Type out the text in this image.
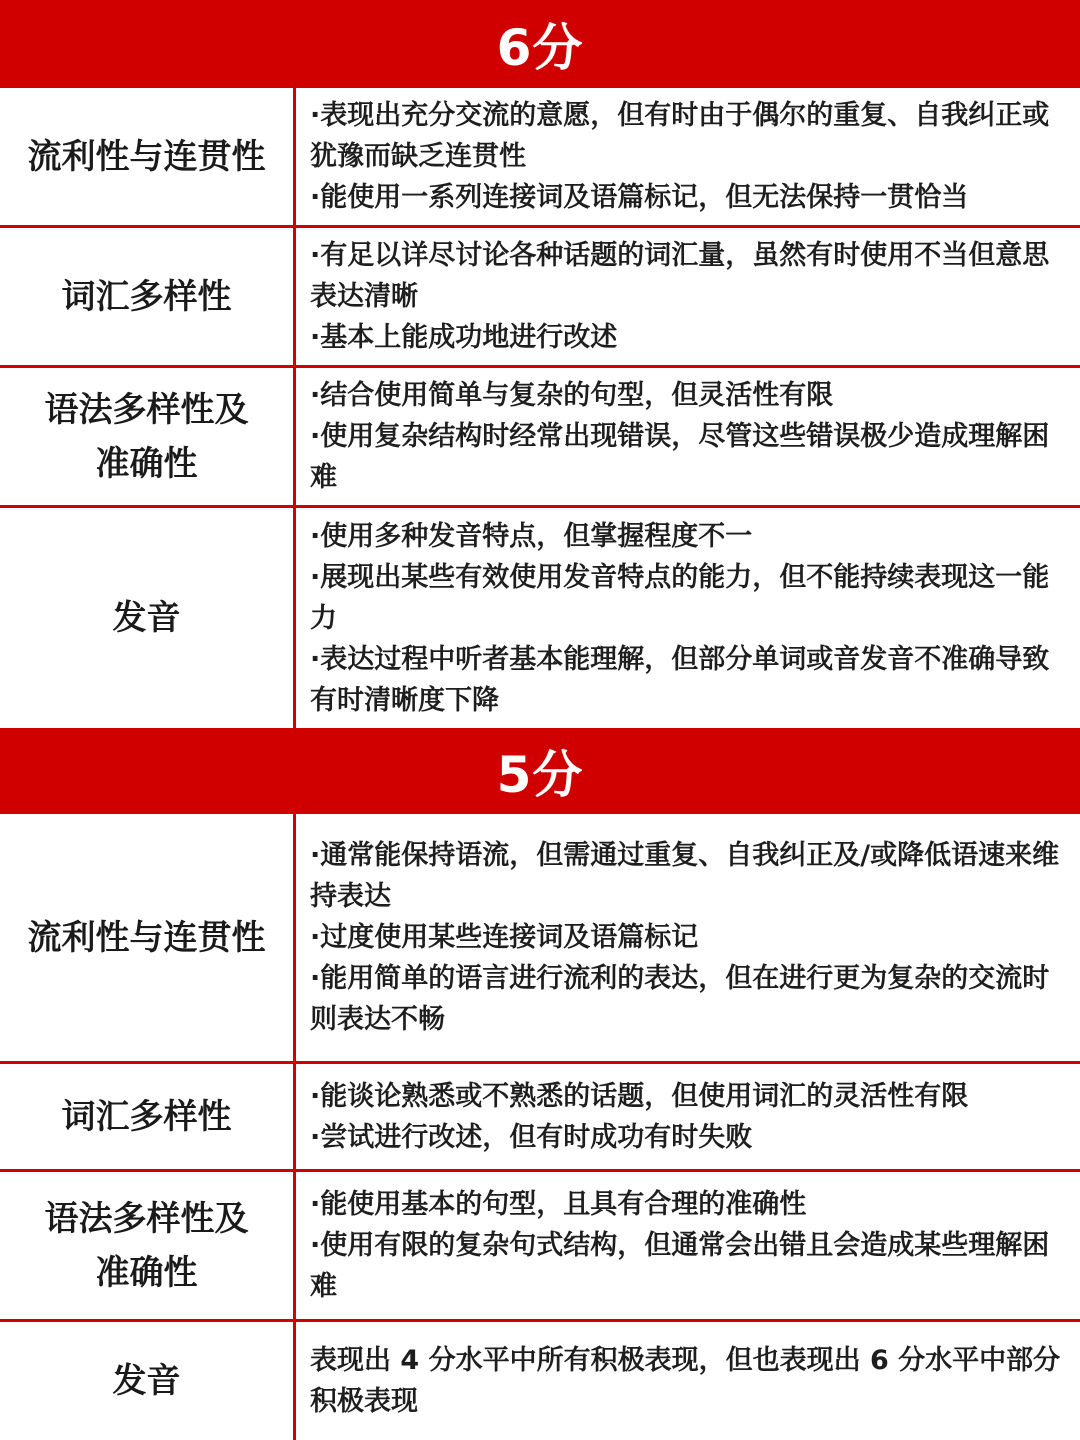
6分
流利性与连贯性
·表现出充分交流的意愿，但有时由于偶尔的重复、自我纠正或犹豫而缺乏连贯性
·能使用一系列连接词及语篇标记，但无法保持一贯恰当
词汇多样性
·有足以详尽讨论各种话题的词汇量，虽然有时使用不当但意思表达清晰
·基本上能成功地进行改述
语法多样性及准确性
·结合使用简单与复杂的句型，但灵活性有限
·使用复杂结构时经常出现错误，尽管这些错误极少造成理解困难
发音
·使用多种发音特点，但掌握程度不一
·展现出某些有效使用发音特点的能力，但不能持续表现这一能力
·表达过程中听者基本能理解，但部分单词或音发音不准确导致有时清晰度下降
5分
流利性与连贯性
·通常能保持语流，但需通过重复、自我纠正及/或降低语速来维持表达
·过度使用某些连接词及语篇标记
·能用简单的语言进行流利的表达，但在进行更为复杂的交流时则表达不畅
词汇多样性
·能谈论熟悉或不熟悉的话题，但使用词汇的灵活性有限
·尝试进行改述，但有时成功有时失败
语法多样性及准确性
·能使用基本的句型，且具有合理的准确性
·使用有限的复杂句式结构，但通常会出错且会造成某些理解困难
发音
表现出 4 分水平中所有积极表现，但也表现出 6 分水平中部分积极表现
